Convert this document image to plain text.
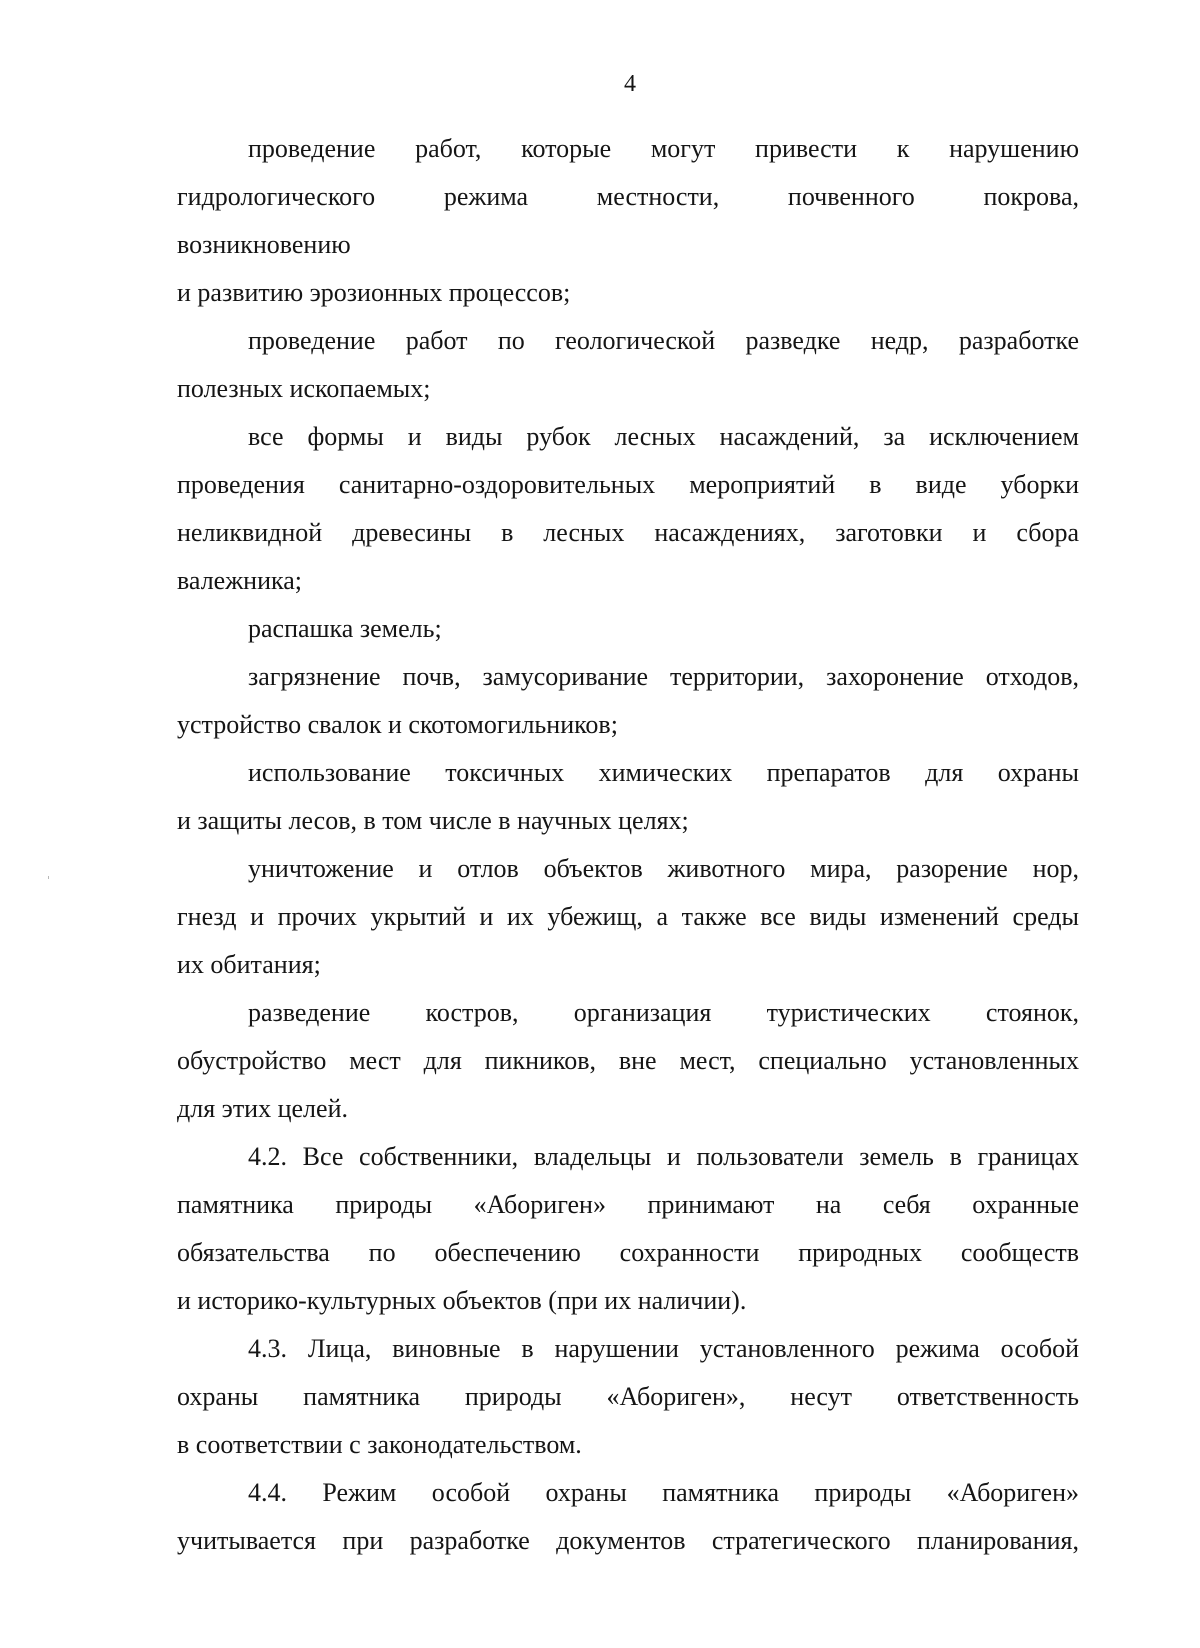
4
проведение работ, которые могут привести к нарушению
гидрологического режима местности, почвенного покрова,
возникновению
и развитию эрозионных процессов;
проведение работ по геологической разведке недр, разработке
полезных ископаемых;
все формы и виды рубок лесных насаждений, за исключением
проведения санитарно-оздоровительных мероприятий в виде уборки
неликвидной древесины в лесных насаждениях, заготовки и сбора
валежника;
распашка земель;
загрязнение почв, замусоривание территории, захоронение отходов,
устройство свалок и скотомогильников;
использование токсичных химических препаратов для охраны
и защиты лесов, в том числе в научных целях;
уничтожение и отлов объектов животного мира, разорение нор,
гнезд и прочих укрытий и их убежищ, а также все виды изменений среды
их обитания;
разведение костров, организация туристических стоянок,
обустройство мест для пикников, вне мест, специально установленных
для этих целей.
4.2. Все собственники, владельцы и пользователи земель в границах
памятника природы «Абориген» принимают на себя охранные
обязательства по обеспечению сохранности природных сообществ
и историко-культурных объектов (при их наличии).
4.3. Лица, виновные в нарушении установленного режима особой
охраны памятника природы «Абориген», несут ответственность
в соответствии с законодательством.
4.4. Режим особой охраны памятника природы «Абориген»
учитывается при разработке документов стратегического планирования,
